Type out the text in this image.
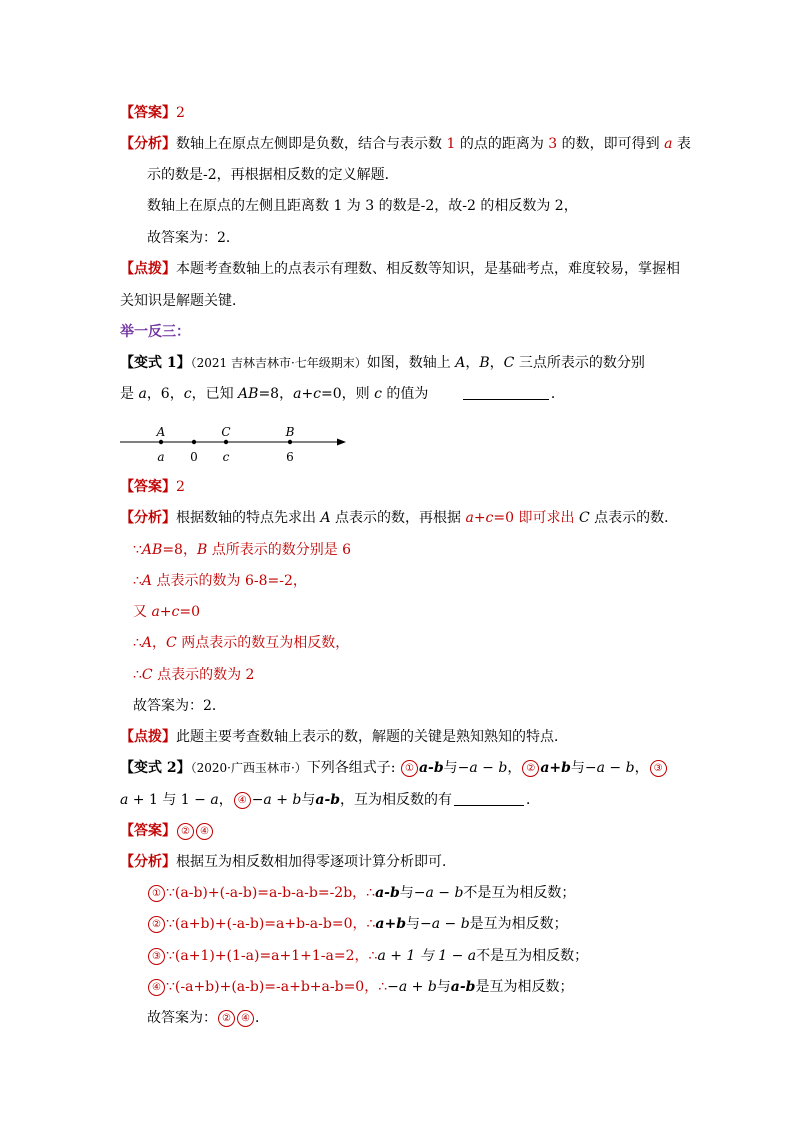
【答案】2
【分析】数轴上在原点左侧即是负数，结合与表示数 1 的点的距离为 3 的数，即可得到 a 表
示的数是-2，再根据相反数的定义解题．
数轴上在原点的左侧且距离数 1 为 3 的数是-2，故-2 的相反数为 2，
故答案为：2．
【点拨】本题考查数轴上的点表示有理数、相反数等知识，是基础考点，难度较易，掌握相
关知识是解题关键．
举一反三：
【变式 1】（2021 吉林吉林市·七年级期末）如图，数轴上 A，B，C 三点所表示的数分别
是 a，6，c，已知 AB=8，a+c=0，则 c 的值为	．
A	C	B
a 0 c	6
【答案】2
【分析】根据数轴的特点先求出 A 点表示的数，再根据 a+c=0 即可求出 C 点表示的数．
∵AB=8，B 点所表示的数分别是 6
∴A 点表示的数为 6-8=-2，
又 a+c=0
∴A，C 两点表示的数互为相反数，
∴C 点表示的数为 2
故答案为：2．
【点拨】此题主要考查数轴上表示的数，解题的关键是熟知熟知的特点．
【变式 2】（2020·广西玉林市·）下列各组式子: ① a-b与−a − b， ② a+b与−a − b， ③
a + 1 与 1 − a， ④ −a + b与a-b，互为相反数的有	．
【答案】 ② ④
【分析】根据互为相反数相加得零逐项计算分析即可．
① ∵(a-b)+(-a-b)=a-b-a-b=-2b，∴a-b与−a − b不是互为相反数；
② ∵(a+b)+(-a-b)=a+b-a-b=0，∴a+b与−a − b是互为相反数；
③ ∵(a+1)+(1-a)=a+1+1-a=2，∴a + 1 与 1 − a不是互为相反数；
④ ∵(-a+b)+(a-b)=-a+b+a-b=0，∴−a + b与a-b是互为相反数；
故答案为： ② ④ ．
